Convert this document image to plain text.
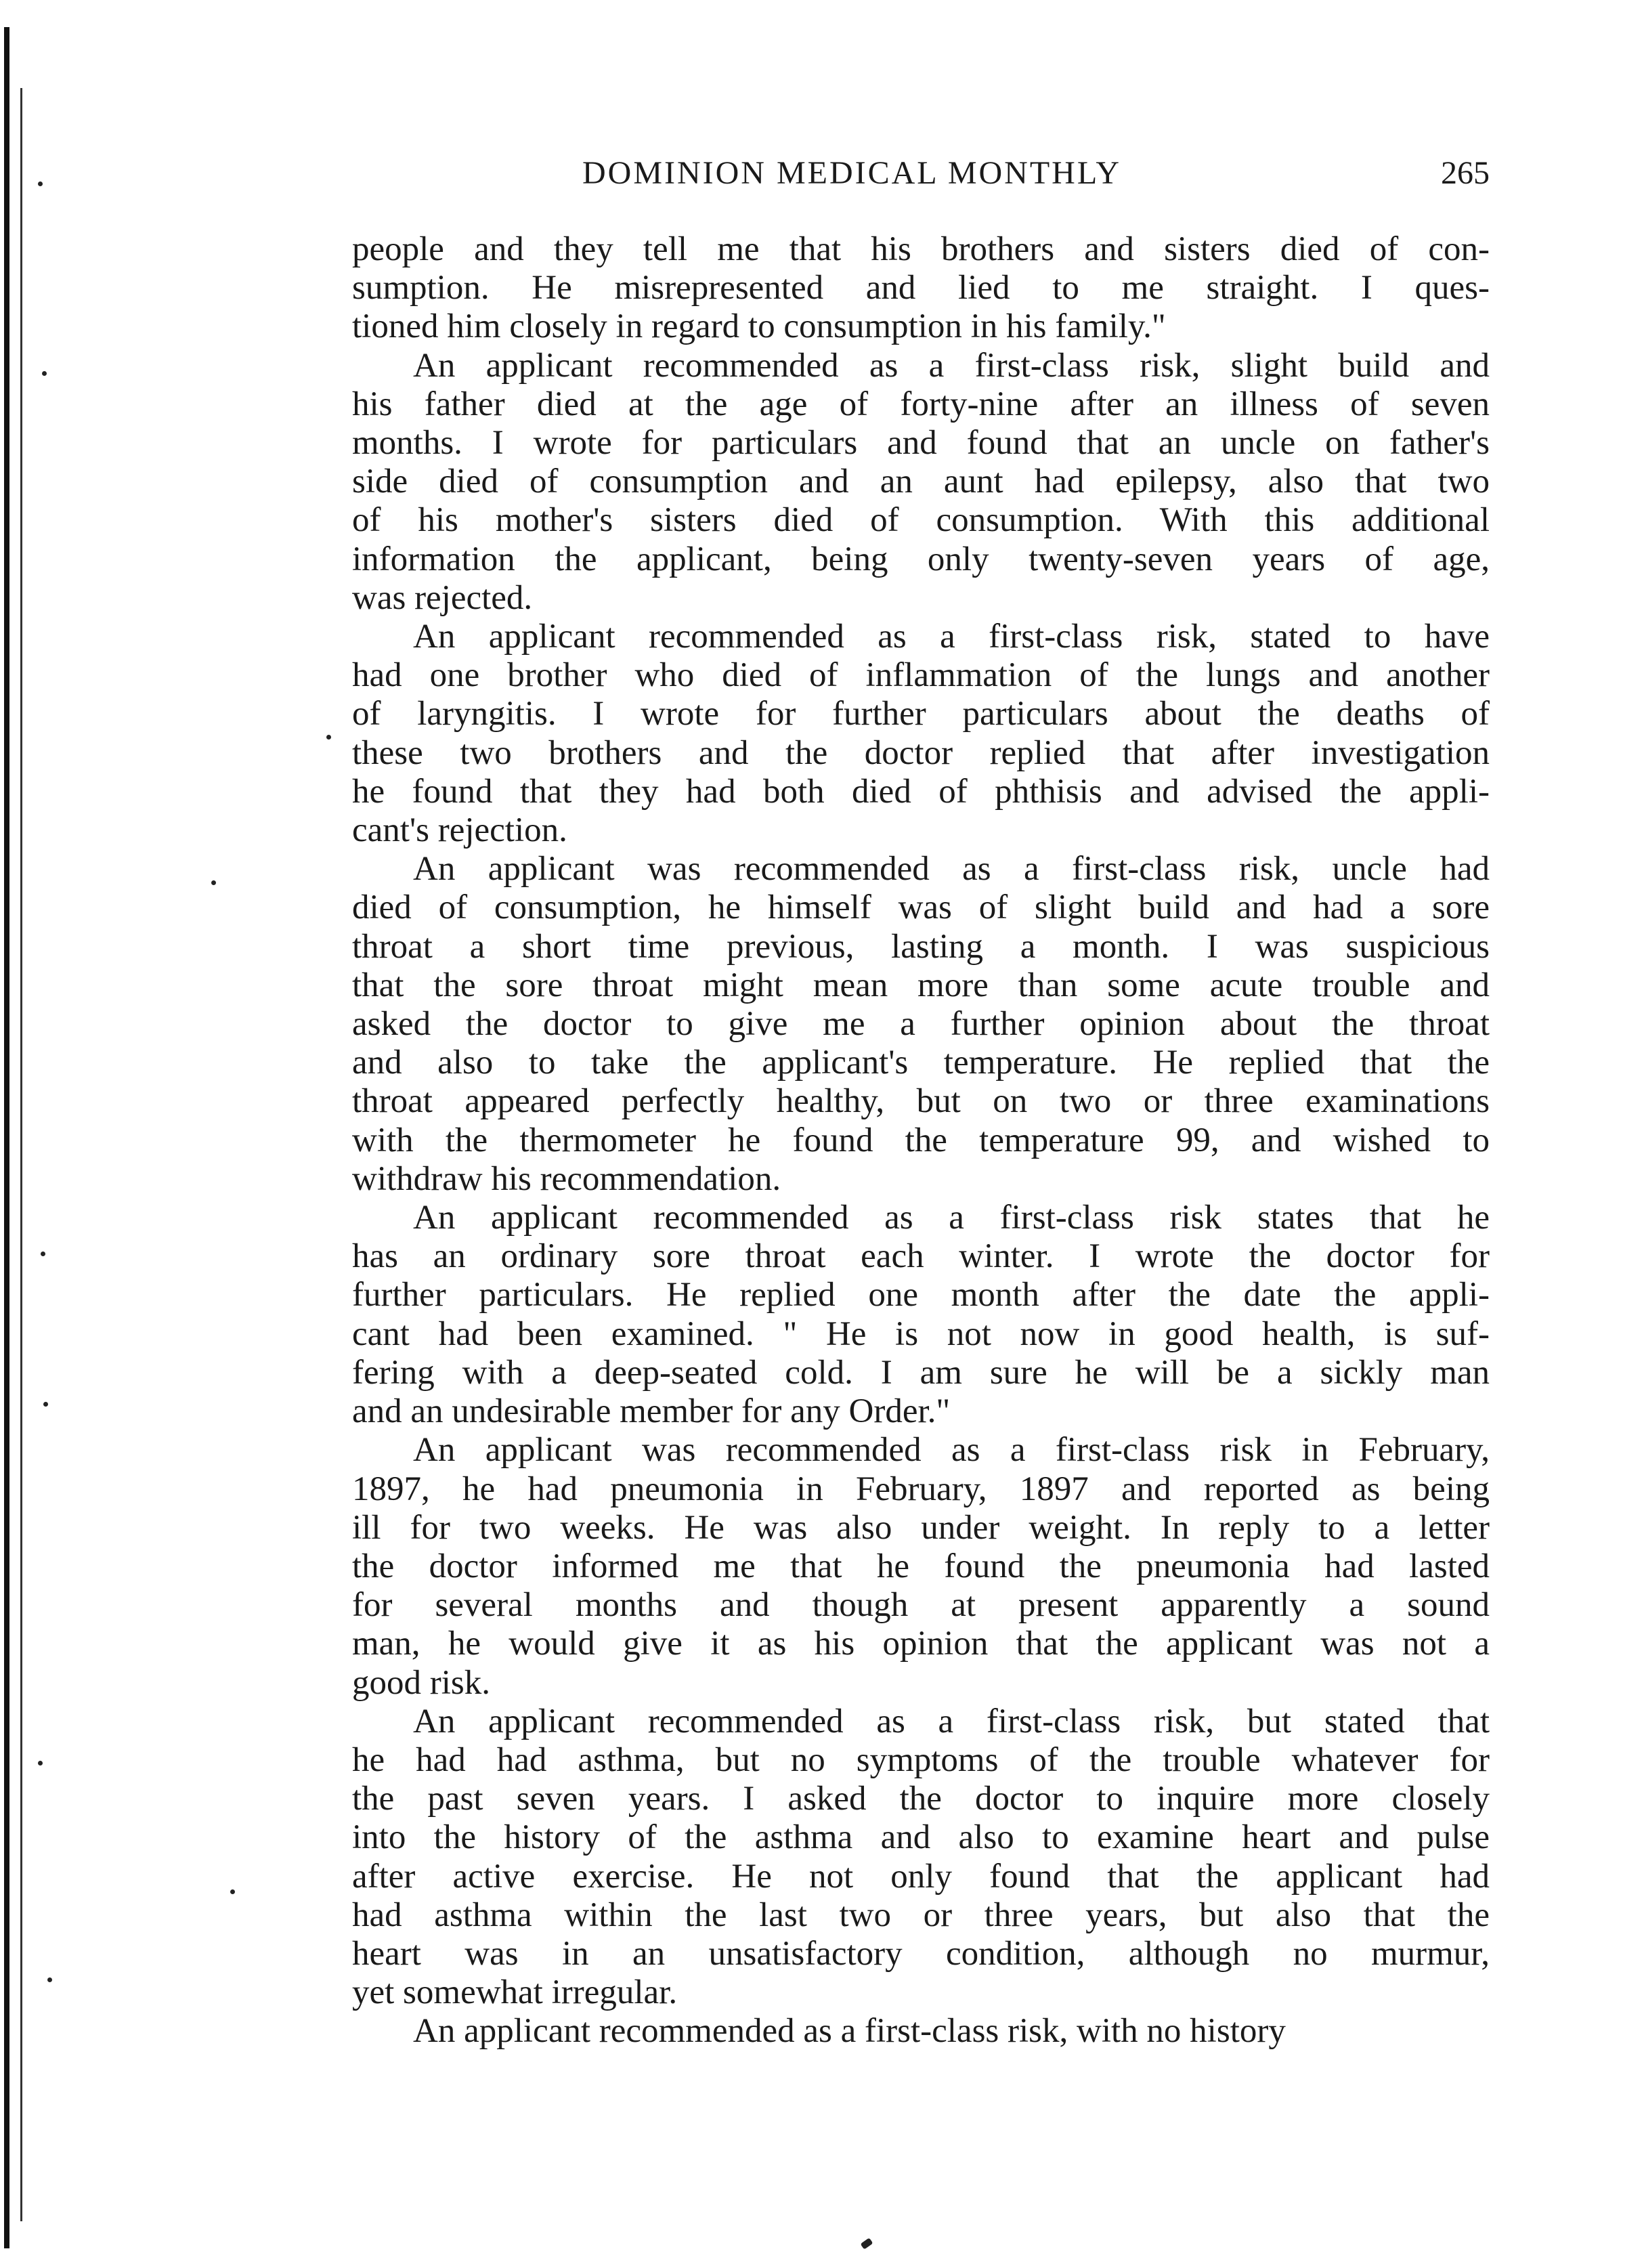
DOMINION MEDICAL MONTHLY	265

people and they tell me that his brothers and sisters died of con-
sumption. He misrepresented and lied to me straight. I ques-
tioned him closely in regard to consumption in his family."

An applicant recommended as a first-class risk, slight build and
his father died at the age of forty-nine after an illness of seven
months. I wrote for particulars and found that an uncle on father's
side died of consumption and an aunt had epilepsy, also that two
of his mother's sisters died of consumption. With this additional
information the applicant, being only twenty-seven years of age,
was rejected.

An applicant recommended as a first-class risk, stated to have
had one brother who died of inflammation of the lungs and another
of laryngitis. I wrote for further particulars about the deaths of
these two brothers and the doctor replied that after investigation
he found that they had both died of phthisis and advised the appli-
cant's rejection.

An applicant was recommended as a first-class risk, uncle had
died of consumption, he himself was of slight build and had a sore
throat a short time previous, lasting a month. I was suspicious
that the sore throat might mean more than some acute trouble and
asked the doctor to give me a further opinion about the throat
and also to take the applicant's temperature. He replied that the
throat appeared perfectly healthy, but on two or three examinations
with the thermometer he found the temperature 99, and wished to
withdraw his recommendation.

An applicant recommended as a first-class risk states that he
has an ordinary sore throat each winter. I wrote the doctor for
further particulars. He replied one month after the date the appli-
cant had been examined. " He is not now in good health, is suf-
fering with a deep-seated cold. I am sure he will be a sickly man
and an undesirable member for any Order."

An applicant was recommended as a first-class risk in February,
1897, he had pneumonia in February, 1897 and reported as being
ill for two weeks. He was also under weight. In reply to a letter
the doctor informed me that he found the pneumonia had lasted
for several months and though at present apparently a sound
man, he would give it as his opinion that the applicant was not a
good risk.

An applicant recommended as a first-class risk, but stated that
he had had asthma, but no symptoms of the trouble whatever for
the past seven years. I asked the doctor to inquire more closely
into the history of the asthma and also to examine heart and pulse
after active exercise. He not only found that the applicant had
had asthma within the last two or three years, but also that the
heart was in an unsatisfactory condition, although no murmur,
yet somewhat irregular.

An applicant recommended as a first-class risk, with no history
